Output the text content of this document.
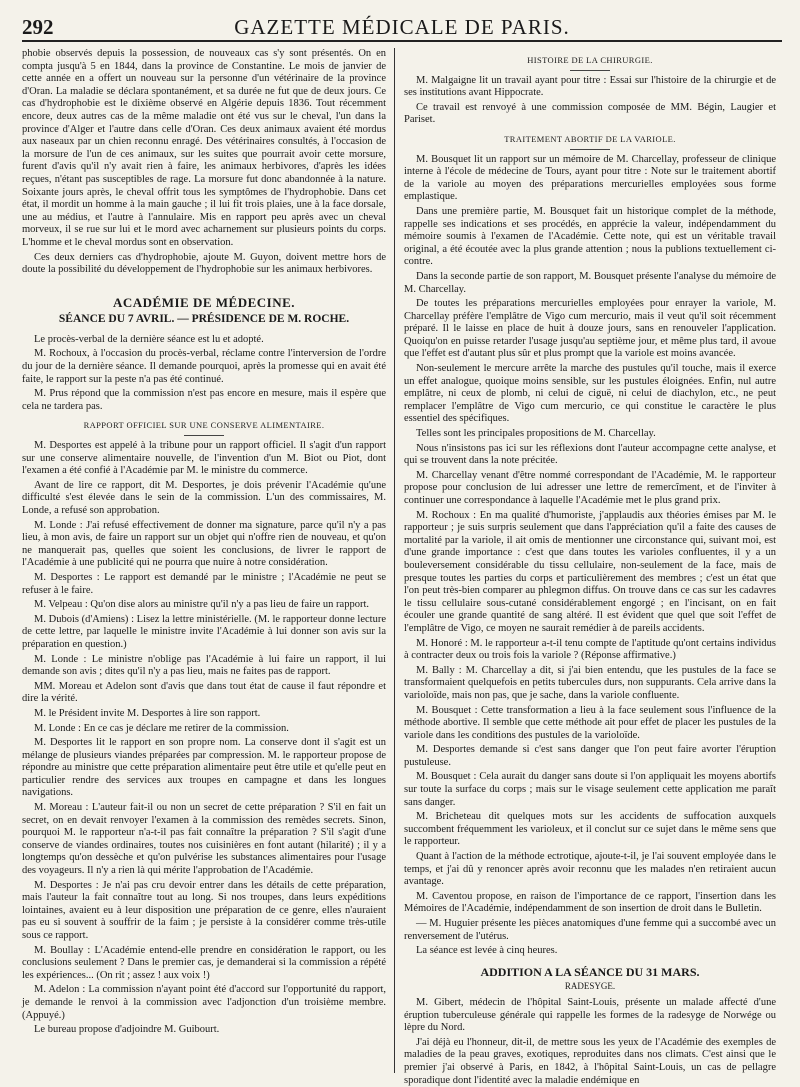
292	GAZETTE MÉDICALE DE PARIS.

phobie observés depuis la possession, de nouveaux cas s'y sont présentés. On en compta jusqu'à 5 en 1844, dans la province de Constantine. Le mois de janvier de cette année en a offert un nouveau sur la personne d'un vétérinaire de la province d'Oran. La maladie se déclara spontanément, et sa durée ne fut que de deux jours. Ce cas d'hydrophobie est le dixième observé en Algérie depuis 1836. Tout récemment encore, deux autres cas de la même maladie ont été vus sur le cheval, l'un dans la province d'Alger et l'autre dans celle d'Oran. Ces deux animaux avaient été mordus aux naseaux par un chien reconnu enragé. Des vétérinaires consultés, à l'occasion de la morsure de l'un de ces animaux, sur les suites que pourrait avoir cette morsure, furent d'avis qu'il n'y avait rien à faire, les animaux herbivores, d'après les idées reçues, n'étant pas susceptibles de rage. La morsure fut donc abandonnée à la nature. Soixante jours après, le cheval offrit tous les symptômes de l'hydrophobie. Dans cet état, il mordit un homme à la main gauche ; il lui fit trois plaies, une à la face dorsale, une au médius, et l'autre à l'annulaire. Mis en rapport peu après avec un cheval morveux, il se rue sur lui et le mord avec acharnement sur plusieurs points du corps. L'homme et le cheval mordus sont en observation.

Ces deux derniers cas d'hydrophobie, ajoute M. Guyon, doivent mettre hors de doute la possibilité du développement de l'hydrophobie sur les animaux herbivores.

ACADÉMIE DE MÉDECINE.
SÉANCE DU 7 AVRIL. — PRÉSIDENCE DE M. ROCHE.

Le procès-verbal de la dernière séance est lu et adopté.

M. Rochoux, à l'occasion du procès-verbal, réclame contre l'interversion de l'ordre du jour de la dernière séance. Il demande pourquoi, après la promesse qui en avait été faite, le rapport sur la peste n'a pas été continué.

M. Prus répond que la commission n'est pas encore en mesure, mais il espère que cela ne tardera pas.

RAPPORT OFFICIEL SUR UNE CONSERVE ALIMENTAIRE.

M. Desportes est appelé à la tribune pour un rapport officiel. Il s'agit d'un rapport sur une conserve alimentaire nouvelle, de l'invention d'un M. Biot ou Piot, dont l'examen a été confié à l'Académie par M. le ministre du commerce.

Avant de lire ce rapport, dit M. Desportes, je dois prévenir l'Académie qu'une difficulté s'est élevée dans le sein de la commission. L'un des commissaires, M. Londe, a refusé son approbation.

M. Londe : J'ai refusé effectivement de donner ma signature, parce qu'il n'y a pas lieu, à mon avis, de faire un rapport sur un objet qui n'offre rien de nouveau, et qu'on ne manquerait pas, quelles que soient les conclusions, de livrer le rapport de l'Académie à une publicité qui ne pourra que nuire à notre considération.

M. Desportes : Le rapport est demandé par le ministre ; l'Académie ne peut se refuser à le faire.

M. Velpeau : Qu'on dise alors au ministre qu'il n'y a pas lieu de faire un rapport.

M. Dubois (d'Amiens) : Lisez la lettre ministérielle. (M. le rapporteur donne lecture de cette lettre, par laquelle le ministre invite l'Académie à lui donner son avis sur la préparation en question.)

M. Londe : Le ministre n'oblige pas l'Académie à lui faire un rapport, il lui demande son avis ; dites qu'il n'y a pas lieu, mais ne faites pas de rapport.

MM. Moreau et Adelon sont d'avis que dans tout état de cause il faut répondre et dire la vérité.

M. le Président invite M. Desportes à lire son rapport.

M. Londe : En ce cas je déclare me retirer de la commission.

M. Desportes lit le rapport en son propre nom. La conserve dont il s'agit est un mélange de plusieurs viandes préparées par compression. M. le rapporteur propose de répondre au ministre que cette préparation alimentaire peut être utile et qu'elle peut en particulier rendre des services aux troupes en campagne et dans les longues navigations.

M. Moreau : L'auteur fait-il ou non un secret de cette préparation ? S'il en fait un secret, on en devait renvoyer l'examen à la commission des remèdes secrets. Sinon, pourquoi M. le rapporteur n'a-t-il pas fait connaître la préparation ? S'il s'agit d'une conserve de viandes ordinaires, toutes nos cuisinières en font autant (hilarité) ; il y a longtemps qu'on dessèche et qu'on pulvérise les substances alimentaires pour l'usage des voyageurs. Il n'y a rien là qui mérite l'approbation de l'Académie.

M. Desportes : Je n'ai pas cru devoir entrer dans les détails de cette préparation, mais l'auteur la fait connaître tout au long. Si nos troupes, dans leurs expéditions lointaines, avaient eu à leur disposition une préparation de ce genre, elles n'auraient pas eu si souvent à souffrir de la faim ; je persiste à la considérer comme très-utile sous ce rapport.

M. Boullay : L'Académie entend-elle prendre en considération le rapport, ou les conclusions seulement ? Dans le premier cas, je demanderai si la commission a répété les expériences... (On rit ; assez ! aux voix !)

M. Adelon : La commission n'ayant point été d'accord sur l'opportunité du rapport, je demande le renvoi à la commission avec l'adjonction d'un troisième membre. (Appuyé.)

Le bureau propose d'adjoindre M. Guibourt.

HISTOIRE DE LA CHIRURGIE.

M. Malgaigne lit un travail ayant pour titre : Essai sur l'histoire de la chirurgie et de ses institutions avant Hippocrate.

Ce travail est renvoyé à une commission composée de MM. Bégin, Laugier et Pariset.

TRAITEMENT ABORTIF DE LA VARIOLE.

M. Bousquet lit un rapport sur un mémoire de M. Charcellay, professeur de clinique interne à l'école de médecine de Tours, ayant pour titre : Note sur le traitement abortif de la variole au moyen des préparations mercurielles employées sous forme emplastique.

Dans une première partie, M. Bousquet fait un historique complet de la méthode, rappelle ses indications et ses procédés, en apprécie la valeur, indépendamment du mémoire soumis à l'examen de l'Académie. Cette note, qui est un véritable travail original, a été écoutée avec la plus grande attention ; nous la publions textuellement ci-contre.

Dans la seconde partie de son rapport, M. Bousquet présente l'analyse du mémoire de M. Charcellay.

De toutes les préparations mercurielles employées pour enrayer la variole, M. Charcellay préfère l'emplâtre de Vigo cum mercurio, mais il veut qu'il soit récemment préparé. Il le laisse en place de huit à douze jours, sans en renouveler l'application. Quoiqu'on en puisse retarder l'usage jusqu'au septième jour, et même plus tard, il avoue que l'effet est d'autant plus sûr et plus prompt que la variole est moins avancée.

Non-seulement le mercure arrête la marche des pustules qu'il touche, mais il exerce un effet analogue, quoique moins sensible, sur les pustules éloignées. Enfin, nul autre emplâtre, ni ceux de plomb, ni celui de ciguë, ni celui de diachylon, etc., ne peut remplacer l'emplâtre de Vigo cum mercurio, ce qui constitue le caractère le plus essentiel des spécifiques.

Telles sont les principales propositions de M. Charcellay.

Nous n'insistons pas ici sur les réflexions dont l'auteur accompagne cette analyse, et qui se trouvent dans la note précitée.

M. Charcellay venant d'être nommé correspondant de l'Académie, M. le rapporteur propose pour conclusion de lui adresser une lettre de remercîment, et de l'inviter à continuer une correspondance à laquelle l'Académie met le plus grand prix.

M. Rochoux : En ma qualité d'humoriste, j'applaudis aux théories émises par M. le rapporteur ; je suis surpris seulement que dans l'appréciation qu'il a faite des causes de mortalité par la variole, il ait omis de mentionner une circonstance qui, suivant moi, est d'une grande importance : c'est que dans toutes les varioles confluentes, il y a un bouleversement considérable du tissu cellulaire, non-seulement de la face, mais de presque toutes les parties du corps et particulièrement des membres ; c'est un état que l'on peut très-bien comparer au phlegmon diffus. On trouve dans ce cas sur les cadavres le tissu cellulaire sous-cutané considérablement engorgé ; en l'incisant, on en fait écouler une grande quantité de sang altéré. Il est évident que quel que soit l'effet de l'emplâtre de Vigo, ce moyen ne saurait remédier à de pareils accidents.

M. Honoré : M. le rapporteur a-t-il tenu compte de l'aptitude qu'ont certains individus à contracter deux ou trois fois la variole ? (Réponse affirmative.)

M. Bally : M. Charcellay a dit, si j'ai bien entendu, que les pustules de la face se transformaient quelquefois en petits tubercules durs, non suppurants. Cela arrive dans la varioloïde, mais non pas, que je sache, dans la variole confluente.

M. Bousquet : Cette transformation a lieu à la face seulement sous l'influence de la méthode abortive. Il semble que cette méthode ait pour effet de placer les pustules de la variole dans les conditions des pustules de la varioloïde.

M. Desportes demande si c'est sans danger que l'on peut faire avorter l'éruption pustuleuse.

M. Bousquet : Cela aurait du danger sans doute si l'on appliquait les moyens abortifs sur toute la surface du corps ; mais sur le visage seulement cette application me paraît sans danger.

M. Bricheteau dit quelques mots sur les accidents de suffocation auxquels succombent fréquemment les varioleux, et il conclut sur ce sujet dans le même sens que le rapporteur.

Quant à l'action de la méthode ectrotique, ajoute-t-il, je l'ai souvent employée dans le temps, et j'ai dû y renoncer après avoir reconnu que les malades n'en retiraient aucun avantage.

M. Caventou propose, en raison de l'importance de ce rapport, l'insertion dans les Mémoires de l'Académie, indépendamment de son insertion de droit dans le Bulletin.

— M. Huguier présente les pièces anatomiques d'une femme qui a succombé avec un renversement de l'utérus.

La séance est levée à cinq heures.

ADDITION A LA SÉANCE DU 31 MARS.
RADESYGE.

M. Gibert, médecin de l'hôpital Saint-Louis, présente un malade affecté d'une éruption tuberculeuse générale qui rappelle les formes de la radesyge de Norwége ou lèpre du Nord.

J'ai déjà eu l'honneur, dit-il, de mettre sous les yeux de l'Académie des exemples de maladies de la peau graves, exotiques, reproduites dans nos climats. C'est ainsi que le premier j'ai observé à Paris, en 1842, à l'hôpital Saint-Louis, un cas de pellagre sporadique dont l'identité avec la maladie endémique en
